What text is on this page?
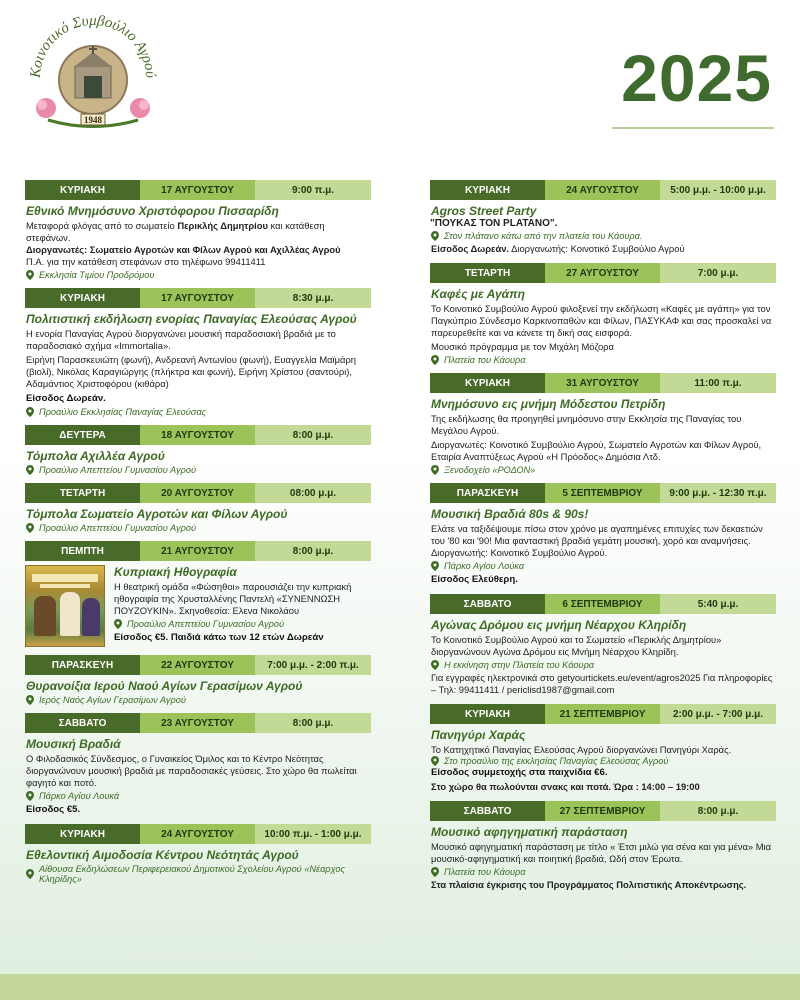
Κοινοτικό Συμβούλιο Αγρού
1948
2025
ΚΥΡΙΑΚΗ	17 ΑΥΓΟΥΣΤΟΥ	9:00 π.μ.
Εθνικό Μνημόσυνο Χριστόφορου Πισσαρίδη
Μεταφορά φλόγας από το σωματείο Περικλής Δημητρίου και κατάθεση στεφάνων.
Διοργανωτές: Σωματείο Αγροτών και Φίλων Αγρού και Αχιλλέας Αγρού
Π.Α. για την κατάθεση στεφάνων στο τηλέφωνο 99411411
Εκκλησία Τιμίου Προδρόμου
ΚΥΡΙΑΚΗ	17 ΑΥΓΟΥΣΤΟΥ	8:30 μ.μ.
Πολιτιστική εκδήλωση ενορίας Παναγίας Ελεούσας Αγρού
Η ενορία Παναγίας Αγρού διοργανώνει μουσική παραδοσιακή βραδιά με το παραδοσιακό σχήμα «Immortalia».
Ειρήνη Παρασκευιώτη (φωνή), Ανδρεανή Αντωνίου (φωνή), Ευαγγελία Μαϊμάρη (βιολί), Νικόλας Καραγιώργης (πλήκτρα και φωνή), Ειρήνη Χρίστου (σαντούρι), Αδαμάντιος Χριστοφόρου (κιθάρα)
Είσοδος Δωρεάν.
Προαύλιο Εκκλησίας Παναγίας Ελεούσας
ΔΕΥΤΕΡΑ	18 ΑΥΓΟΥΣΤΟΥ	8:00 μ.μ.
Τόμπολα Αχιλλέα Αγρού
Προαύλιο Απεπτείου Γυμνασίου Αγρού
ΤΕΤΑΡΤΗ	20 ΑΥΓΟΥΣΤΟΥ	08:00 μ.μ.
Τόμπολα Σωματείο Αγροτών και Φίλων Αγρού
Προαύλιο Απεπτείου Γυμνασίου Αγρού
ΠΕΜΠΤΗ	21 ΑΥΓΟΥΣΤΟΥ	8:00 μ.μ.
Κυπριακή Ηθογραφία
Η θεατρική ομάδα «Φώσηθοι» παρουσιάζει την κυπριακή ηθογραφία της Χρυσταλλένης Παντελή «ΣΥΝΕΝΝΩΣΗ ΠΟΥΖΟΥΚΙΝ». Σκηνοθεσία: Ελενα Νικολάου
Προαύλιο Απεπτείου Γυμνασίου Αγρού
Είσοδος €5. Παιδιά κάτω των 12 ετών Δωρεάν
ΠΑΡΑΣΚΕΥΗ	22 ΑΥΓΟΥΣΤΟΥ	7:00 μ.μ. - 2:00 π.μ.
Θυρανοίξια Ιερού Ναού Αγίων Γερασίμων Αγρού
Ιερός Ναός Αγίων Γερασίμων Αγρού
ΣΑΒΒΑΤΟ	23 ΑΥΓΟΥΣΤΟΥ	8:00 μ.μ.
Μουσική Βραδιά
Ο Φιλοδασικός Σύνδεσμος, ο Γυναικείος Όμιλος και το Κέντρο Νεότητας διοργανώνουν μουσική βραδιά με παραδοσιακές γεύσεις. Στο χώρο θα πωλείται φαγητό και ποτό.
Πάρκο Αγίου Λουκά
Είσοδος €5.
ΚΥΡΙΑΚΗ	24 ΑΥΓΟΥΣΤΟΥ	10:00 π.μ. - 1:00 μ.μ.
Εθελοντική Αιμοδοσία Κέντρου Νεότητάς Αγρού
Αίθουσα Εκδηλώσεων Περιφερειακού Δημοτικού Σχολείου Αγρού «Νέαρχος Κληρίδης»
ΚΥΡΙΑΚΗ	24 ΑΥΓΟΥΣΤΟΥ	5:00 μ.μ. - 10:00 μ.μ.
Agros Street Party
"ΠΟΥΚΑΣ ΤΟΝ PLATANO".
Στον πλάτανο κάτω από την πλατεία του Κάουρα.
Είσοδος Δωρεάν. Διοργανωτής: Κοινοτικό Συμβούλιο Αγρού
ΤΕΤΑΡΤΗ	27 ΑΥΓΟΥΣΤΟΥ	7:00 μ.μ.
Καφές με Αγάπη
Το Κοινοτικό Συμβούλιο Αγρού φιλοξενεί την εκδήλωση «Καφές με αγάπη» για τον Παγκύπριο Σύνδεσμο Καρκινοπαθών και Φίλων, ΠΑΣΥΚΑΦ και σας προσκαλεί να παρευρεθείτε και να κάνετε τη δική σας εισφορά.
Μουσικό πρόγραμμα με τον Μιχάλη Μόζορα
Πλατεία του Κάουρα
ΚΥΡΙΑΚΗ	31 ΑΥΓΟΥΣΤΟΥ	11:00 π.μ.
Μνημόσυνο εις μνήμη Μόδεστου Πετρίδη
Της εκδήλωσης θα προηγηθεί μνημόσυνο στην Εκκλησία της Παναγίας του Μεγάλου Αγρού.
Διοργανωτές: Κοινοτικό Συμβούλιο Αγρού, Σωματείο Αγροτών και Φίλων Αγρού, Εταιρία Αναπτύξεως Αγρού «Η Πρόοδος» Δημόσια Λτδ.
Ξενοδοχείο «ΡΟΔΟΝ»
ΠΑΡΑΣΚΕΥΗ	5 ΣΕΠΤΕΜΒΡΙΟΥ	9:00 μ.μ. - 12:30 π.μ.
Μουσική Βραδιά 80s & 90s!
Ελάτε να ταξιδέψουμε πίσω στον χρόνο με αγαπημένες επιτυχίες των δεκαετιών του '80 και '90! Μια φανταστική βραδιά γεμάτη μουσική, χορό και αναμνήσεις. Διοργανωτής: Κοινοτικό Συμβούλιο Αγρού.
Πάρκο Αγίου Λούκα
Είσοδος Ελεύθερη.
ΣΑΒΒΑΤΟ	6 ΣΕΠΤΕΜΒΡΙΟΥ	5:40 μ.μ.
Αγώνας Δρόμου εις μνήμη Νέαρχου Κληρίδη
Το Κοινοτικό Συμβούλιο Αγρού και το Σωματείο «Περικλής Δημητρίου» διοργανώνουν Αγώνα Δρόμου εις Μνήμη Νέαρχου Κληρίδη.
Η εκκίνηση στην Πλατεία του Κάουρα
Για εγγραφές ηλεκτρονικά στο getyourtickets.eu/event/agros2025 Για πληροφορίες – Τηλ: 99411411 / periclisd1987@gmail.com
ΚΥΡΙΑΚΗ	21 ΣΕΠΤΕΜΒΡΙΟΥ	2:00 μ.μ. - 7:00 μ.μ.
Πανηγύρι Χαράς
Το Κατηχητικό Παναγίας Ελεούσας Αγρού διοργανώνει Πανηγύρι Χαράς.
Στο προαύλιο της εκκλησίας Παναγίας Ελεούσας Αγρού
Είσοδος συμμετοχής στα παιχνίδια €6.
Στο χώρο θα πωλούνται σνακς και ποτά. Ώρα : 14:00 – 19:00
ΣΑΒΒΑΤΟ	27 ΣΕΠΤΕΜΒΡΙΟΥ	8:00 μ.μ.
Μουσικό αφηγηματική παράσταση
Μουσικό αφηγηματική παράσταση με τίτλο « Έτσι μιλώ για σένα και για μένα» Μια μουσικό-αφηγηματική και ποιητική βραδιά, Ωδή στον Έρωτα.
Πλατεία του Κάουρα
Στα πλαίσια έγκρισης του Προγράμματος Πολιτιστικής Αποκέντρωσης.
